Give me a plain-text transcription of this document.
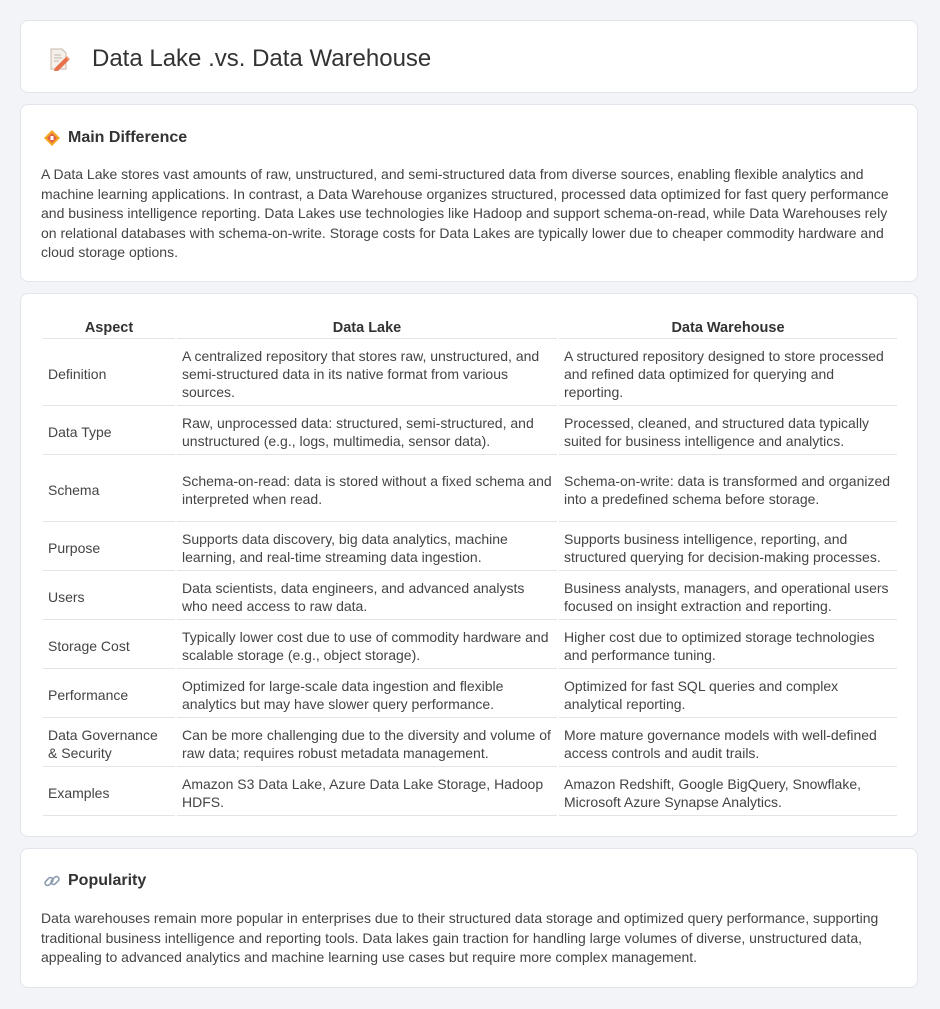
Data Lake .vs. Data Warehouse
Main Difference

A Data Lake stores vast amounts of raw, unstructured, and semi-structured data from diverse sources, enabling flexible analytics and machine learning applications. In contrast, a Data Warehouse organizes structured, processed data optimized for fast query performance and business intelligence reporting. Data Lakes use technologies like Hadoop and support schema-on-read, while Data Warehouses rely on relational databases with schema-on-write. Storage costs for Data Lakes are typically lower due to cheaper commodity hardware and cloud storage options.

Aspect	Data Lake	Data Warehouse
Definition	A centralized repository that stores raw, unstructured, and semi-structured data in its native format from various sources.	A structured repository designed to store processed and refined data optimized for querying and reporting.
Data Type	Raw, unprocessed data: structured, semi-structured, and unstructured (e.g., logs, multimedia, sensor data).	Processed, cleaned, and structured data typically suited for business intelligence and analytics.
Schema	Schema-on-read: data is stored without a fixed schema and interpreted when read.	Schema-on-write: data is transformed and organized into a predefined schema before storage.
Purpose	Supports data discovery, big data analytics, machine learning, and real-time streaming data ingestion.	Supports business intelligence, reporting, and structured querying for decision-making processes.
Users	Data scientists, data engineers, and advanced analysts who need access to raw data.	Business analysts, managers, and operational users focused on insight extraction and reporting.
Storage Cost	Typically lower cost due to use of commodity hardware and scalable storage (e.g., object storage).	Higher cost due to optimized storage technologies and performance tuning.
Performance	Optimized for large-scale data ingestion and flexible analytics but may have slower query performance.	Optimized for fast SQL queries and complex analytical reporting.
Data Governance & Security	Can be more challenging due to the diversity and volume of raw data; requires robust metadata management.	More mature governance models with well-defined access controls and audit trails.
Examples	Amazon S3 Data Lake, Azure Data Lake Storage, Hadoop HDFS.	Amazon Redshift, Google BigQuery, Snowflake, Microsoft Azure Synapse Analytics.
Popularity

Data warehouses remain more popular in enterprises due to their structured data storage and optimized query performance, supporting traditional business intelligence and reporting tools. Data lakes gain traction for handling large volumes of diverse, unstructured data, appealing to advanced analytics and machine learning use cases but require more complex management.
